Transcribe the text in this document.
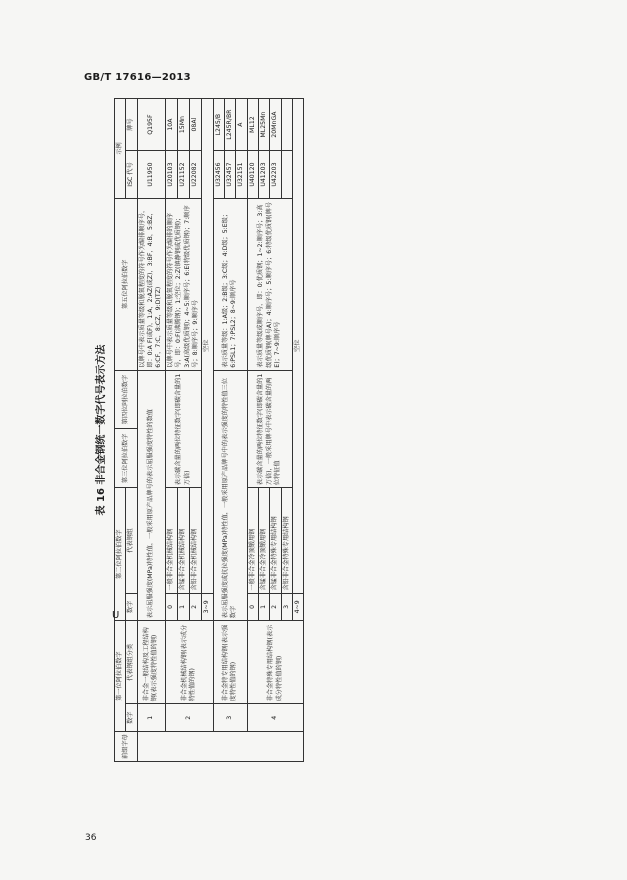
GB/T 17616—2013
表 16 非合金钢统一数字代号表示方法
前缀字母	第一位阿拉伯数字		第二位阿拉伯数字		第三位阿拉伯数字	第四位阿拉伯数字	第五位阿拉伯数字	示例	
	数字	代表钢组分类	数字	代表钢组				ISC 代号	牌号
	1	非合金一般结构及工程结构钢(表示强度特性值的钢)	表示屈服强度(MPa)特性值，一般采用原产品牌号的表示屈服强度特性的数值				以牌号中表示质量等级和脱氧程度的符号作为编排顺序号，即：0:A F(或F)，1:A，2:AZ(或Z)，3:BF，4:B，5:BZ，6:CF，7:C，8:CZ，9:D(TZ)	U11950	Q195F
	2	非合金机械结构钢(表示成分特性值的钢)	0	一般非合金机械结构钢	表示碳含量的两位特征数字(即碳含量的1万倍)		以牌号中表示质量等级和脱氧程度的符号作为编排的顺序号，即：0:F(沸腾钢)；1:空位；2:Z(镇静钢或优质钢)；3:A(高级优质钢)；4~5:顺序号；6:E(特级优质钢)；7:顺序号；8:顺序号；9:顺序号	U20103	10A
			1	含锰非合金机械结构钢				U21152	15Mn
			2	含铅非合金机械结构钢				U22082	08Al
			3~9	空位					
	3	非合金特专用结构钢(表示强度特性值的钢)	表示屈服强度或抗拉强度(MPa)特性值，一般采用原产品牌号中的表示强度的特性值三位数字				表示质量等级：1:A级；2:B级；3:C级；4:D级；5:E级；6:PSL1；7:PSL2；8~9:顺序号	U32456	L245/B
								U32457	L245R/BR
								U32151	A
	4	非合金特殊专用结构钢(表示成分特性值的钢)	0	一般非合金冷顶锻用钢	表示碳含量的两位特征数字(即碳含量的1万倍)，一般采用牌号中表示碳含量的两位特征值		表示质量等级或顺序号，即：0:优质钢；1~2:顺序号；3:高级优质钢(牌号A)；4:顺序号；5:顺序号；6:特级优质钢(牌号E)；7~9:顺序号	U40120	ML12
			1	含锰非合金冷顶锻用钢				U41203	ML25Mn
			2	含锰非合金特殊专用结构钢				U42203	20MnGA
			3	含铅非合金特殊专用结构钢					
			4~9	空位					
U
36
